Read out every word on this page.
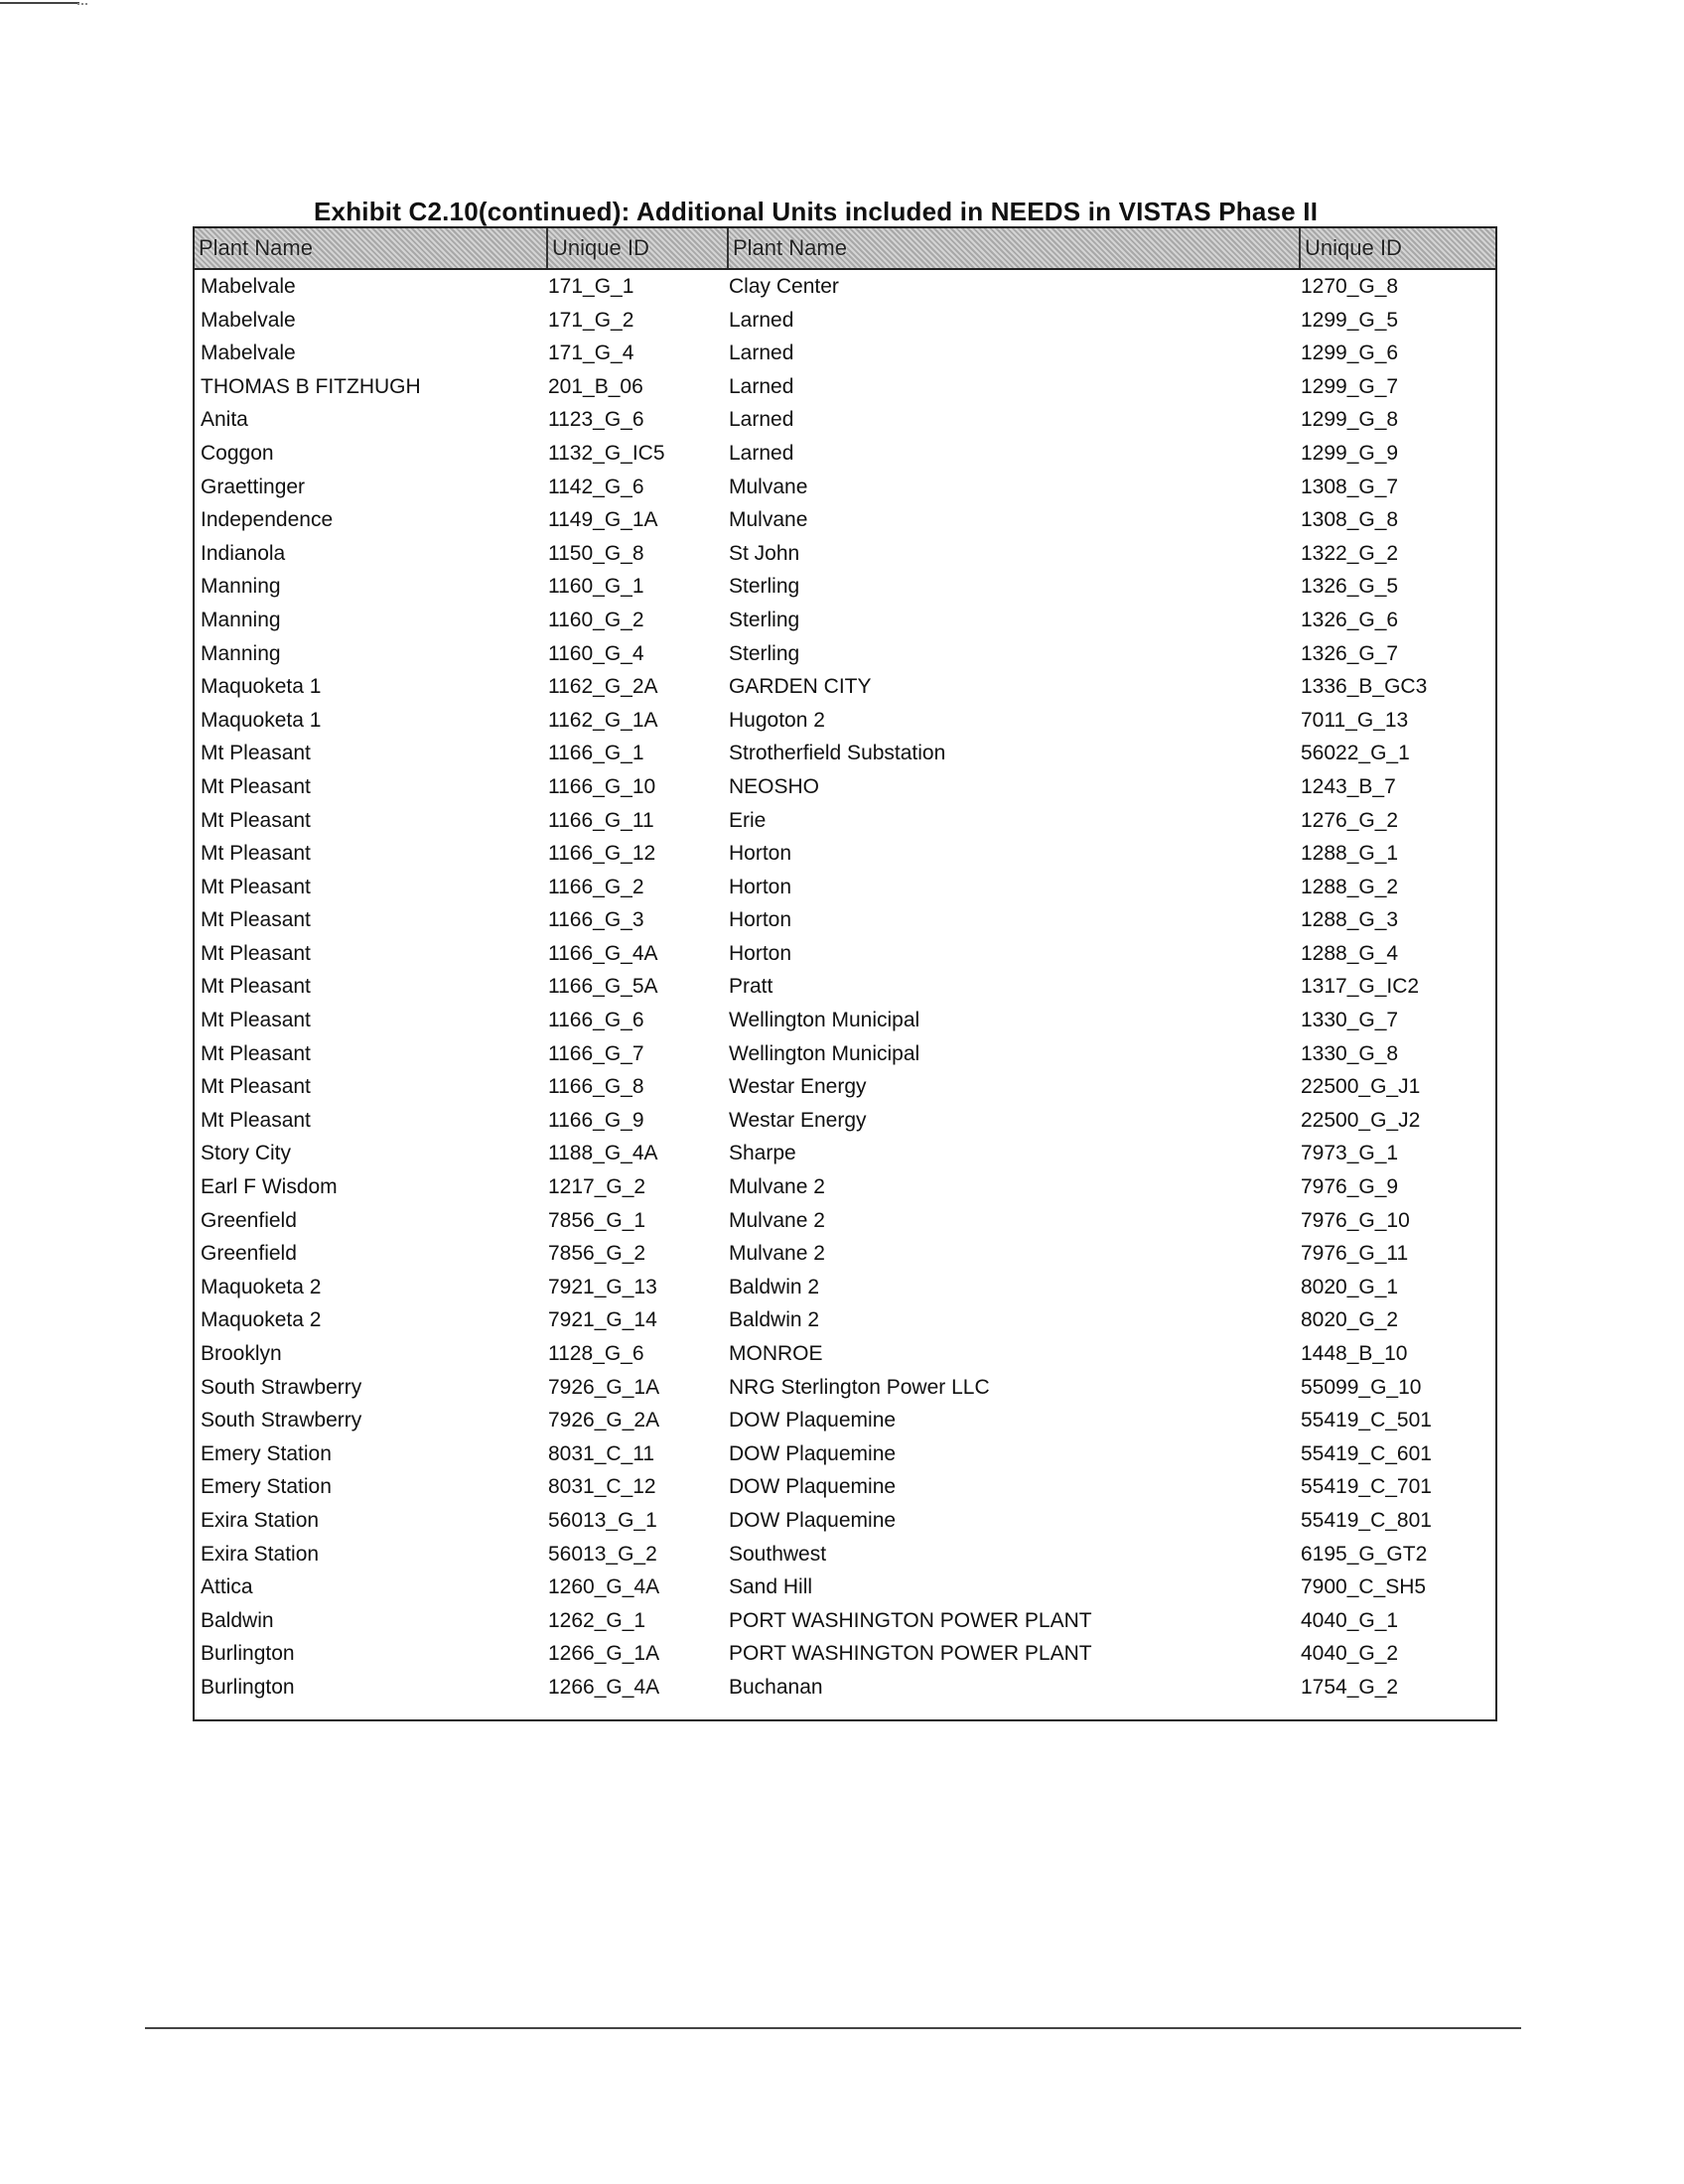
Exhibit C2.10(continued): Additional Units included in NEEDS in VISTAS Phase II
Plant Name	Unique ID	Plant Name	Unique ID
Mabelvale	171_G_1	Clay Center	1270_G_8
Mabelvale	171_G_2	Larned	1299_G_5
Mabelvale	171_G_4	Larned	1299_G_6
THOMAS B FITZHUGH	201_B_06	Larned	1299_G_7
Anita	1123_G_6	Larned	1299_G_8
Coggon	1132_G_IC5	Larned	1299_G_9
Graettinger	1142_G_6	Mulvane	1308_G_7
Independence	1149_G_1A	Mulvane	1308_G_8
Indianola	1150_G_8	St John	1322_G_2
Manning	1160_G_1	Sterling	1326_G_5
Manning	1160_G_2	Sterling	1326_G_6
Manning	1160_G_4	Sterling	1326_G_7
Maquoketa 1	1162_G_2A	GARDEN CITY	1336_B_GC3
Maquoketa 1	1162_G_1A	Hugoton 2	7011_G_13
Mt Pleasant	1166_G_1	Strotherfield Substation	56022_G_1
Mt Pleasant	1166_G_10	NEOSHO	1243_B_7
Mt Pleasant	1166_G_11	Erie	1276_G_2
Mt Pleasant	1166_G_12	Horton	1288_G_1
Mt Pleasant	1166_G_2	Horton	1288_G_2
Mt Pleasant	1166_G_3	Horton	1288_G_3
Mt Pleasant	1166_G_4A	Horton	1288_G_4
Mt Pleasant	1166_G_5A	Pratt	1317_G_IC2
Mt Pleasant	1166_G_6	Wellington Municipal	1330_G_7
Mt Pleasant	1166_G_7	Wellington Municipal	1330_G_8
Mt Pleasant	1166_G_8	Westar Energy	22500_G_J1
Mt Pleasant	1166_G_9	Westar Energy	22500_G_J2
Story City	1188_G_4A	Sharpe	7973_G_1
Earl F Wisdom	1217_G_2	Mulvane 2	7976_G_9
Greenfield	7856_G_1	Mulvane 2	7976_G_10
Greenfield	7856_G_2	Mulvane 2	7976_G_11
Maquoketa 2	7921_G_13	Baldwin 2	8020_G_1
Maquoketa 2	7921_G_14	Baldwin 2	8020_G_2
Brooklyn	1128_G_6	MONROE	1448_B_10
South Strawberry	7926_G_1A	NRG Sterlington Power LLC	55099_G_10
South Strawberry	7926_G_2A	DOW Plaquemine	55419_C_501
Emery Station	8031_C_11	DOW Plaquemine	55419_C_601
Emery Station	8031_C_12	DOW Plaquemine	55419_C_701
Exira Station	56013_G_1	DOW Plaquemine	55419_C_801
Exira Station	56013_G_2	Southwest	6195_G_GT2
Attica	1260_G_4A	Sand Hill	7900_C_SH5
Baldwin	1262_G_1	PORT WASHINGTON POWER PLANT	4040_G_1
Burlington	1266_G_1A	PORT WASHINGTON POWER PLANT	4040_G_2
Burlington	1266_G_4A	Buchanan	1754_G_2
